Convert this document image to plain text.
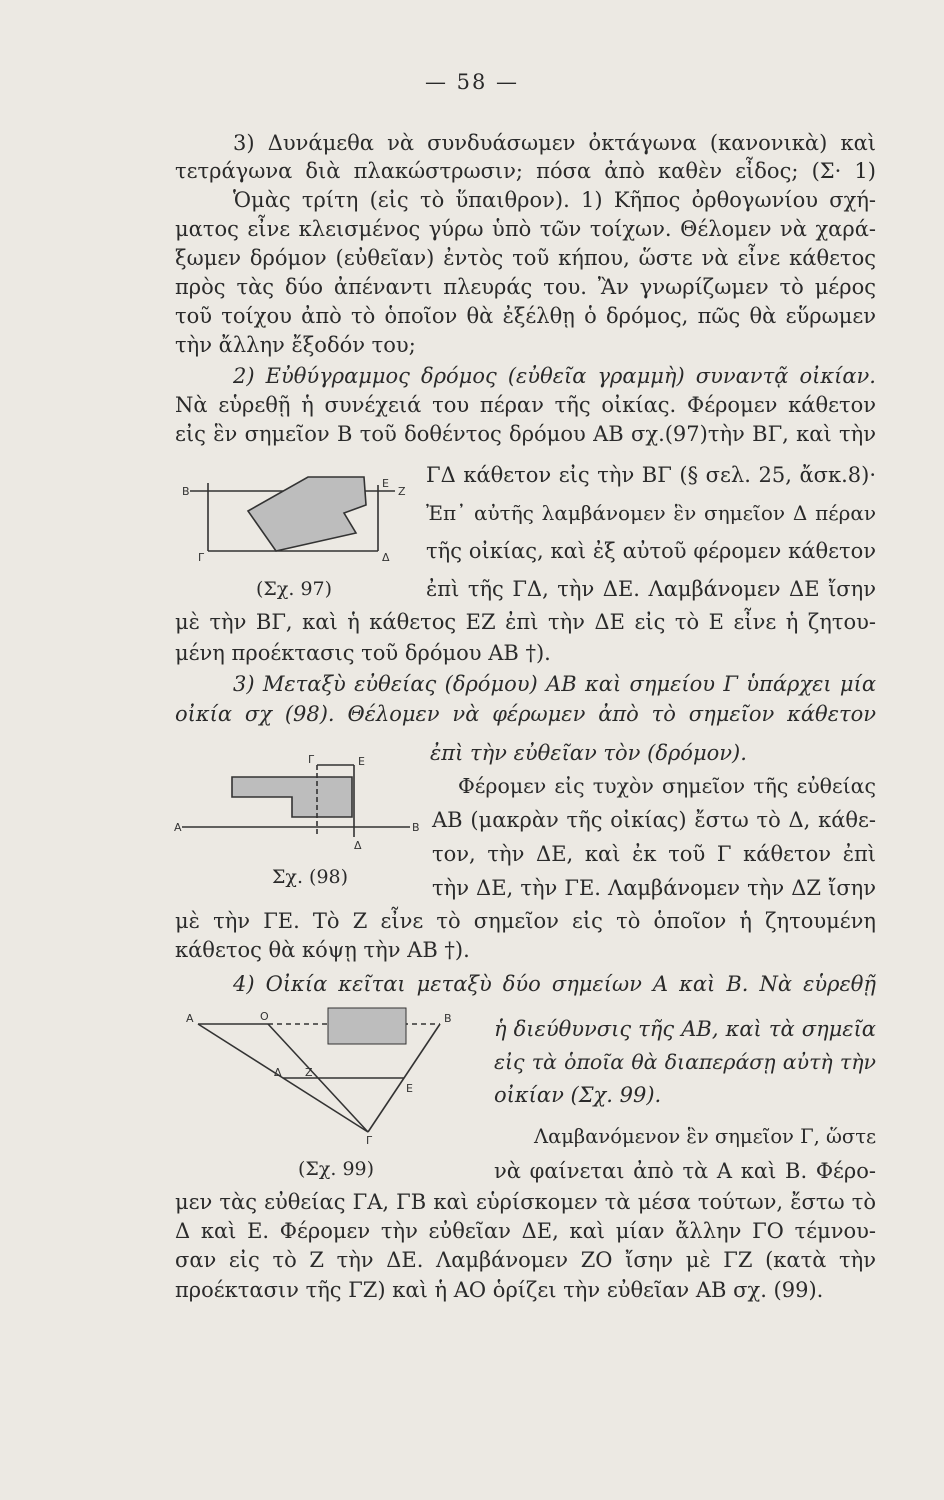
— 58 —
3) Δυνάμεθα νὰ συνδυάσωμεν ὀκτάγωνα (κανονικὰ) καὶ
τετράγωνα διὰ πλακώστρωσιν; πόσα ἀπὸ καθὲν εἶδος; (Σ· 1)
Ὁμὰς τρίτη (εἰς τὸ ὕπαιθρον). 1) Κῆπος ὀρθογωνίου σχή-
ματος εἶνε κλεισμένος γύρω ὑπὸ τῶν τοίχων. Θέλομεν νὰ χαρά-
ξωμεν δρόμον (εὐθεῖαν) ἐντὸς τοῦ κήπου, ὥστε νὰ εἶνε κάθετος
πρὸς τὰς δύο ἀπέναντι πλευράς του. Ἂν γνωρίζωμεν τὸ μέρος
τοῦ τοίχου ἀπὸ τὸ ὁποῖον θὰ ἐξέλθῃ ὁ δρόμος, πῶς θὰ εὕρωμεν
τὴν ἄλλην ἔξοδόν του;
2) Εὐθύγραμμος δρόμος (εὐθεῖα γραμμὴ) συναντᾷ οἰκίαν.
Νὰ εὑρεθῇ ἡ συνέχειά του πέραν τῆς οἰκίας. Φέρομεν κάθετον
εἰς ἓν σημεῖον Β τοῦ δοθέντος δρόμου ΑΒ σχ.(97)τὴν ΒΓ, καὶ τὴν
ΓΔ κάθετον εἰς τὴν ΒΓ (§ σελ. 25, ἄσκ.8)·
Ἐπ᾿ αὐτῆς λαμβάνομεν ἓν σημεῖον Δ πέραν
τῆς οἰκίας, καὶ ἐξ αὐτοῦ φέρομεν κάθετον
ἐπὶ τῆς ΓΔ, τὴν ΔΕ. Λαμβάνομεν ΔΕ ἴσην
μὲ τὴν ΒΓ, καὶ ἡ κάθετος ΕΖ ἐπὶ τὴν ΔΕ εἰς τὸ Ε εἶνε ἡ ζητου-
μένη προέκτασις τοῦ δρόμου ΑΒ †).
B
Γ	Δ
Ε
Ζ
(Σχ. 97)
3) Μεταξὺ εὐθείας (δρόμου) ΑΒ καὶ σημείου Γ ὑπάρχει μία
οἰκία σχ (98). Θέλομεν νὰ φέρωμεν ἀπὸ τὸ σημεῖον κάθετον
ἐπὶ τὴν εὐθεῖαν τὸν (δρόμον).
Φέρομεν εἰς τυχὸν σημεῖον τῆς εὐθείας
ΑΒ (μακρὰν τῆς οἰκίας) ἔστω τὸ Δ, κάθε-
τον, τὴν ΔΕ, καὶ ἐκ τοῦ Γ κάθετον ἐπὶ
τὴν ΔΕ, τὴν ΓΕ. Λαμβάνομεν τὴν ΔΖ ἴσην
μὲ τὴν ΓΕ. Τὸ Ζ εἶνε τὸ σημεῖον εἰς τὸ ὁποῖον ἡ ζητουμένη
κάθετος θὰ κόψῃ τὴν ΑΒ †).
Γ	Ε
Α
Δ
Β
Σχ. (98)
4) Οἰκία κεῖται μεταξὺ δύο σημείων Α καὶ Β. Νὰ εὑρεθῇ
ἡ διεύθυνσις τῆς ΑΒ, καὶ τὰ σημεῖα
εἰς τὰ ὁποῖα θὰ διαπεράσῃ αὐτὴ τὴν
οἰκίαν (Σχ. 99).
Λαμβανόμενον ἓν σημεῖον Γ, ὥστε
νὰ φαίνεται ἀπὸ τὰ Α καὶ Β. Φέρο-
μεν τὰς εὐθείας ΓΑ, ΓΒ καὶ εὑρίσκομεν τὰ μέσα τούτων, ἔστω τὸ
Δ καὶ Ε. Φέρομεν τὴν εὐθεῖαν ΔΕ, καὶ μίαν ἄλλην ΓΟ τέμνου-
σαν εἰς τὸ Ζ τὴν ΔΕ. Λαμβάνομεν ΖΟ ἴσην μὲ ΓΖ (κατὰ τὴν
προέκτασιν τῆς ΓΖ) καὶ ἡ ΑΟ ὁρίζει τὴν εὐθεῖαν ΑΒ σχ. (99).
Α	Ο	Β
Δ Ζ
Ε
Γ
(Σχ. 99)
